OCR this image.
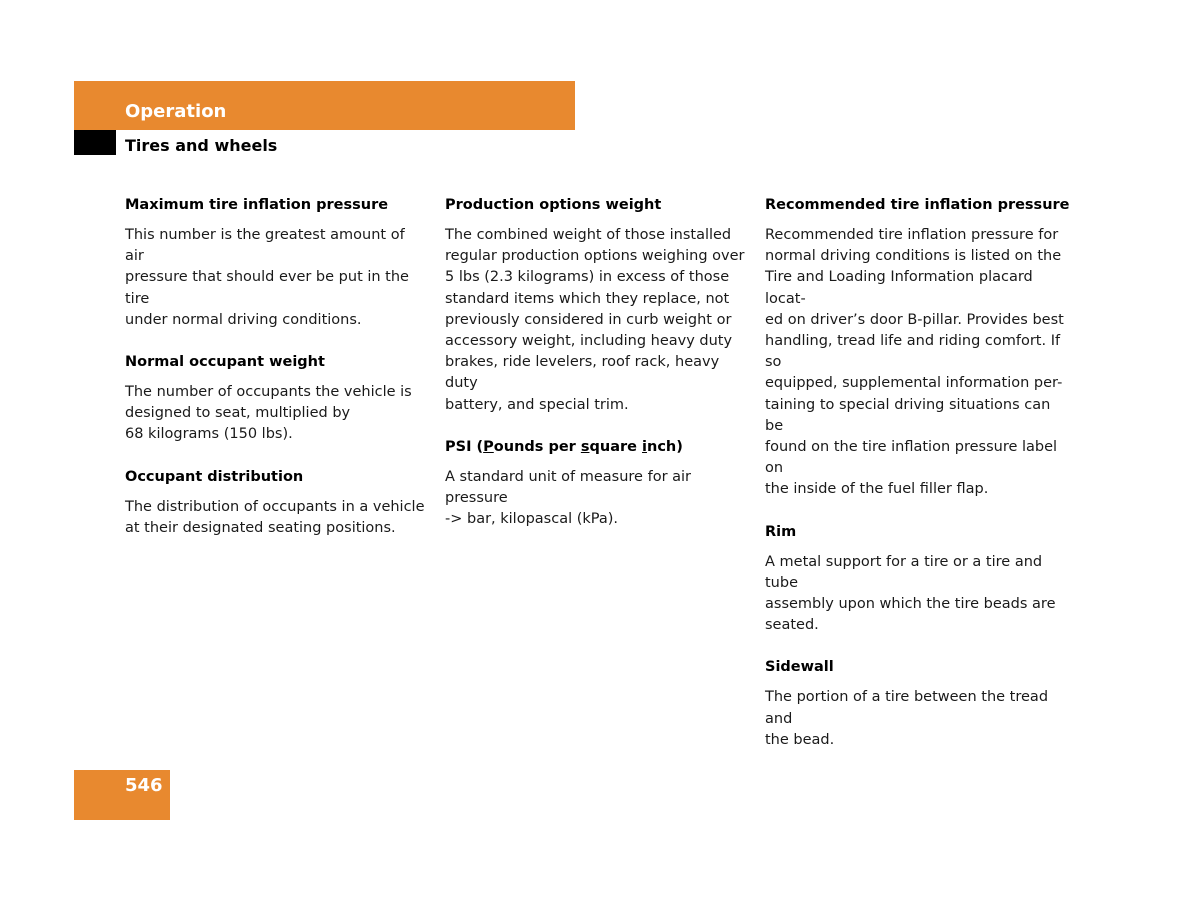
Operation
Tires and wheels
Maximum tire inflation pressure

This number is the greatest amount of air
pressure that should ever be put in the tire
under normal driving conditions.

Normal occupant weight

The number of occupants the vehicle is
designed to seat, multiplied by
68 kilograms (150 lbs).

Occupant distribution

The distribution of occupants in a vehicle
at their designated seating positions.

Production options weight

The combined weight of those installed
regular production options weighing over
5 lbs (2.3 kilograms) in excess of those
standard items which they replace, not
previously considered in curb weight or
accessory weight, including heavy duty
brakes, ride levelers, roof rack, heavy duty
battery, and special trim.

PSI (Pounds per square inch)

A standard unit of measure for air pressure
-> bar, kilopascal (kPa).

Recommended tire inflation pressure

Recommended tire inflation pressure for
normal driving conditions is listed on the
Tire and Loading Information placard locat-
ed on driver’s door B-pillar. Provides best
handling, tread life and riding comfort. If so
equipped, supplemental information per-
taining to special driving situations can be
found on the tire inflation pressure label on
the inside of the fuel filler flap.

Rim

A metal support for a tire or a tire and tube
assembly upon which the tire beads are
seated.

Sidewall

The portion of a tire between the tread and
the bead.

546
